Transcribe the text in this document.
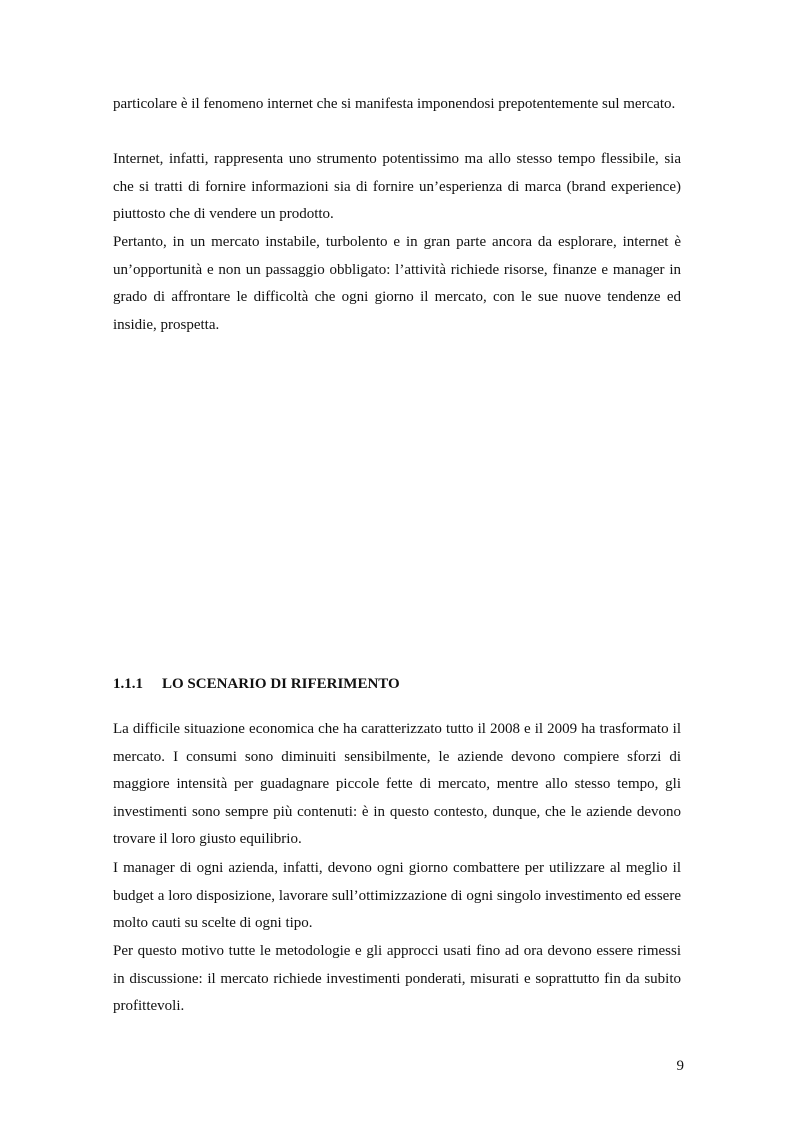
particolare è il fenomeno internet che si manifesta imponendosi prepotentemente sul mercato.

Internet, infatti, rappresenta uno strumento potentissimo ma allo stesso tempo flessibile, sia che si tratti di fornire informazioni sia di fornire un’esperienza di marca (brand experience) piuttosto che di vendere un prodotto.

Pertanto, in un mercato instabile, turbolento e in gran parte ancora da esplorare, internet è un’opportunità e non un passaggio obbligato: l’attività richiede risorse, finanze e manager in grado di affrontare le difficoltà che ogni giorno il mercato, con le sue nuove tendenze ed insidie, prospetta.

1.1.1 LO SCENARIO DI RIFERIMENTO

La difficile situazione economica che ha caratterizzato tutto il 2008 e il 2009 ha trasformato il mercato. I consumi sono diminuiti sensibilmente, le aziende devono compiere sforzi di maggiore intensità per guadagnare piccole fette di mercato, mentre allo stesso tempo, gli investimenti sono sempre più contenuti: è in questo contesto, dunque, che le aziende devono trovare il loro giusto equilibrio.

I manager di ogni azienda, infatti, devono ogni giorno combattere per utilizzare al meglio il budget a loro disposizione, lavorare sull’ottimizzazione di ogni singolo investimento ed essere molto cauti su scelte di ogni tipo.

Per questo motivo tutte le metodologie e gli approcci usati fino ad ora devono essere rimessi in discussione: il mercato richiede investimenti ponderati, misurati e soprattutto fin da subito profittevoli.

9
